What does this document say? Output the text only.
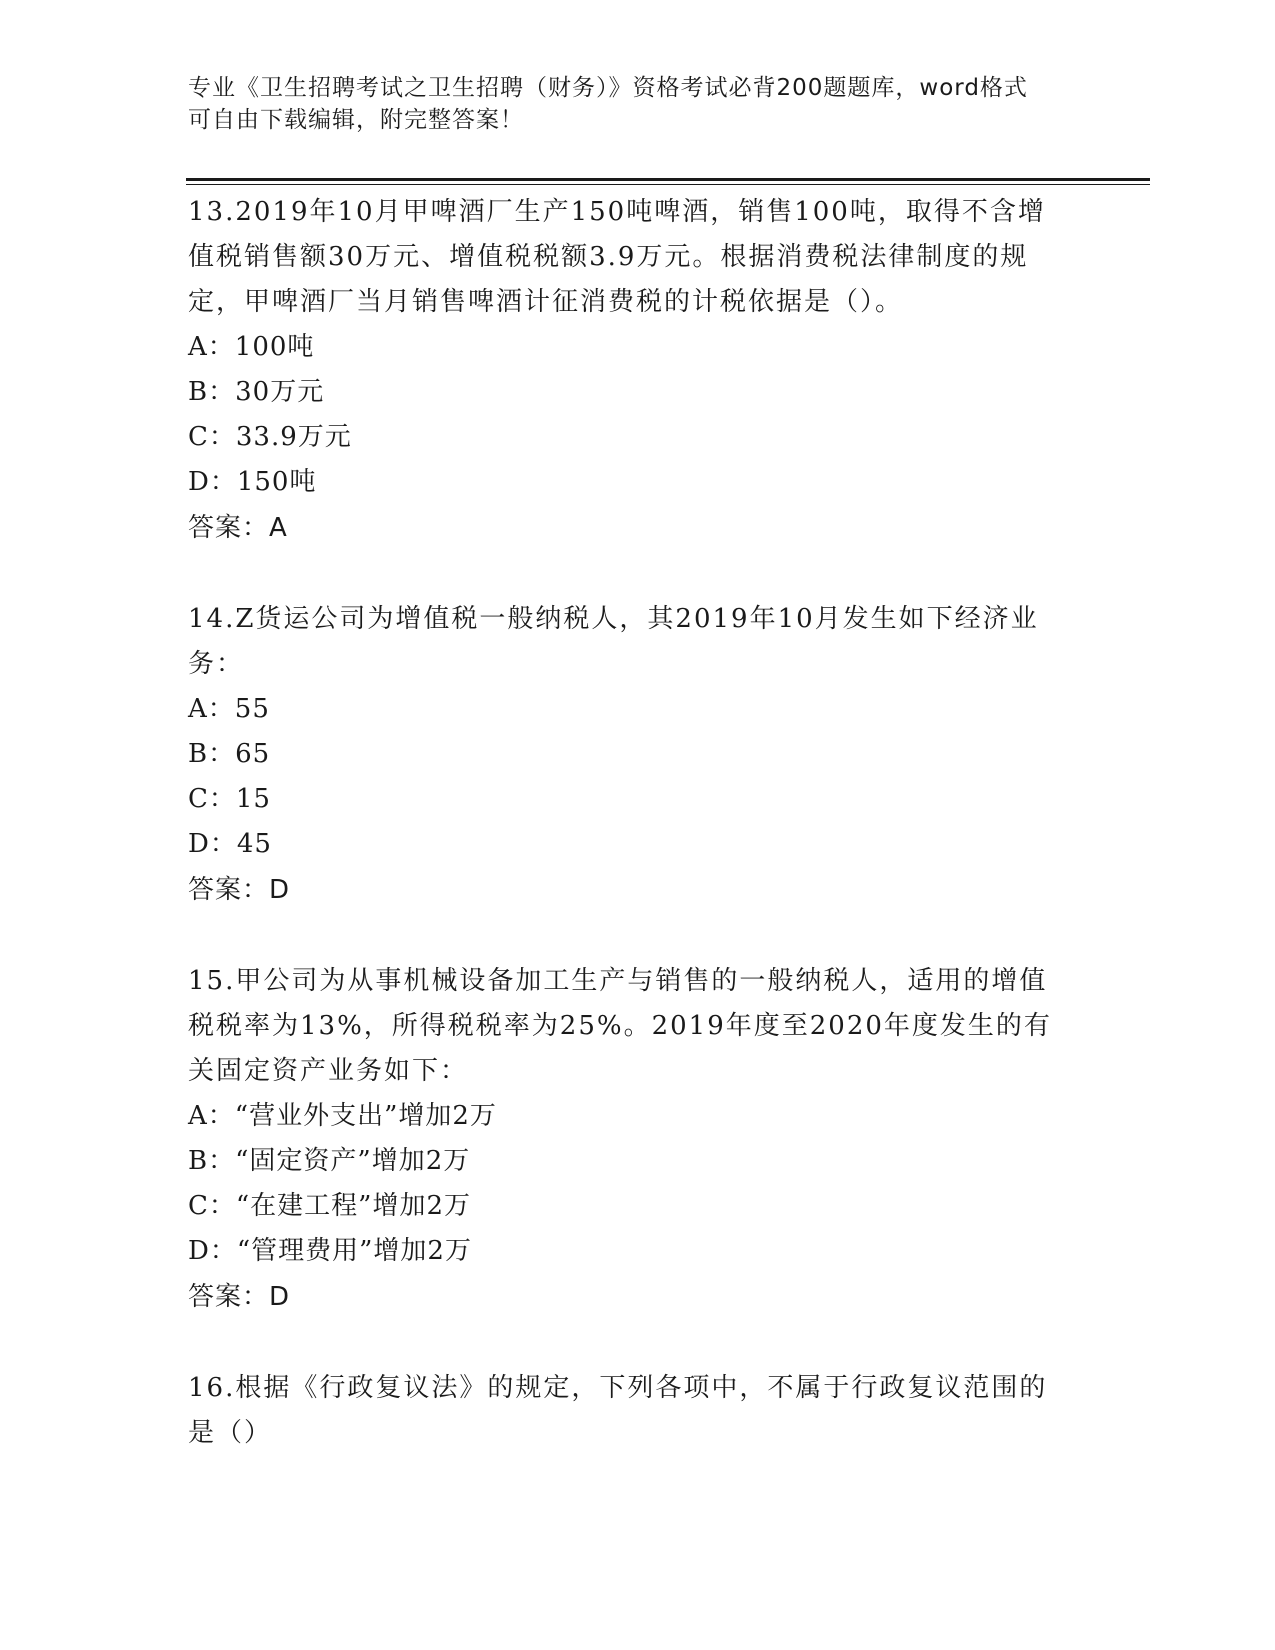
专业《卫生招聘考试之卫生招聘（财务）》资格考试必背200题题库，word格式
可自由下载编辑，附完整答案！
13.2019年10月甲啤酒厂生产150吨啤酒，销售100吨，取得不含增值税销售额30万元、增值税税额3.9万元。根据消费税法律制度的规定，甲啤酒厂当月销售啤酒计征消费税的计税依据是（）。
A：100吨
B：30万元
C：33.9万元
D：150吨
答案：A
14.Z货运公司为增值税一般纳税人，其2019年10月发生如下经济业务：
A：55
B：65
C：15
D：45
答案：D
15.甲公司为从事机械设备加工生产与销售的一般纳税人，适用的增值税税率为13%，所得税税率为25%。2019年度至2020年度发生的有关固定资产业务如下：
A：“营业外支出”增加2万
B：“固定资产”增加2万
C：“在建工程”增加2万
D：“管理费用”增加2万
答案：D
16.根据《行政复议法》的规定，下列各项中，不属于行政复议范围的是（）
